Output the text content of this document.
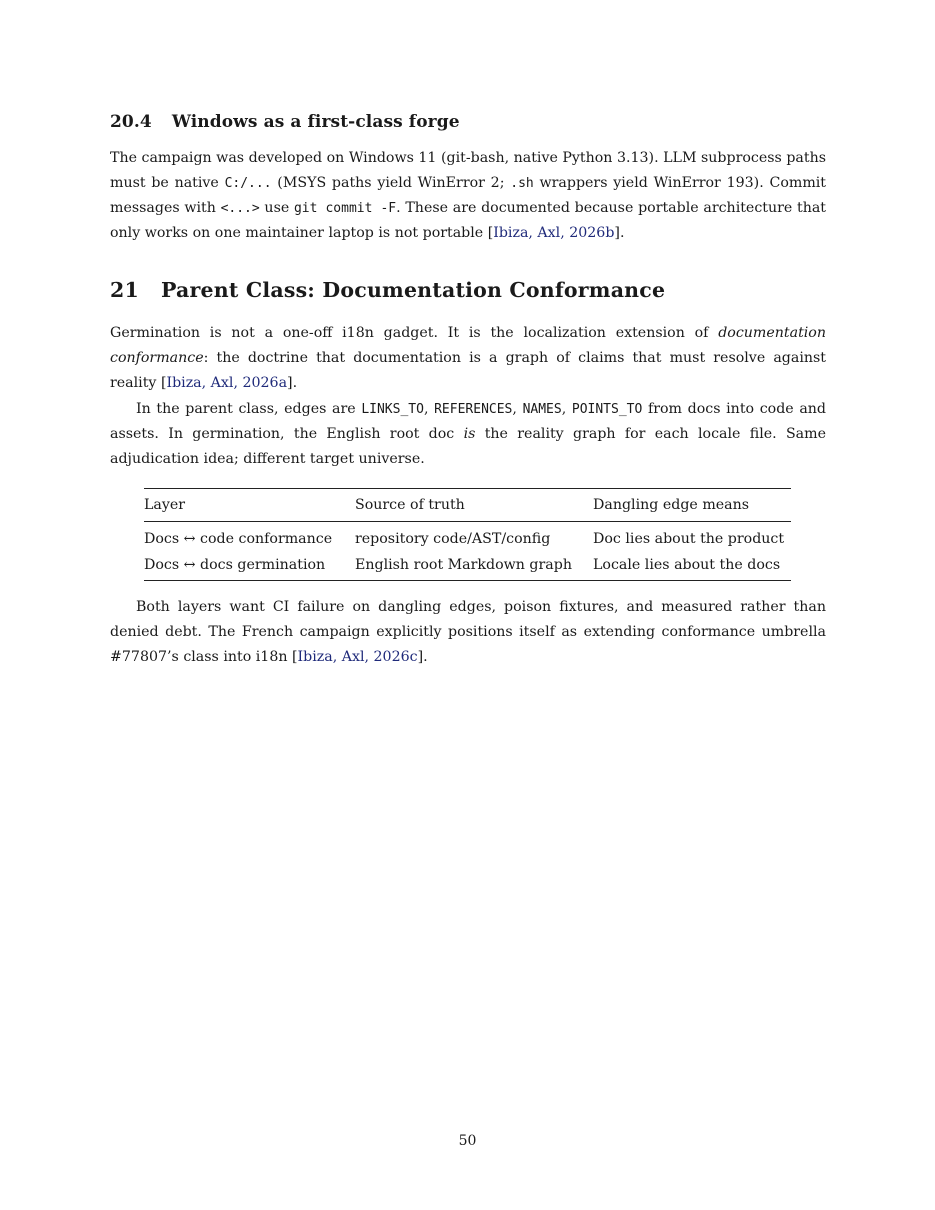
20.4 Windows as a first-class forge
The campaign was developed on Windows 11 (git-bash, native Python 3.13). LLM subprocess paths must be native C:/... (MSYS paths yield WinError 2; .sh wrappers yield WinError 193). Commit messages with <...> use git commit -F. These are documented because portable architecture that only works on one maintainer laptop is not portable [Ibiza, Axl, 2026b].
21 Parent Class: Documentation Conformance
Germination is not a one-off i18n gadget. It is the localization extension of documentation conformance: the doctrine that documentation is a graph of claims that must resolve against reality [Ibiza, Axl, 2026a].
In the parent class, edges are LINKS_TO, REFERENCES, NAMES, POINTS_TO from docs into code and assets. In germination, the English root doc is the reality graph for each locale file. Same adjudication idea; different target universe.
Layer	Source of truth	Dangling edge means
Docs ↔ code conformance	repository code/AST/config	Doc lies about the product
Docs ↔ docs germination	English root Markdown graph	Locale lies about the docs
Both layers want CI failure on dangling edges, poison fixtures, and measured rather than denied debt. The French campaign explicitly positions itself as extending conformance umbrella #77807’s class into i18n [Ibiza, Axl, 2026c].
50
